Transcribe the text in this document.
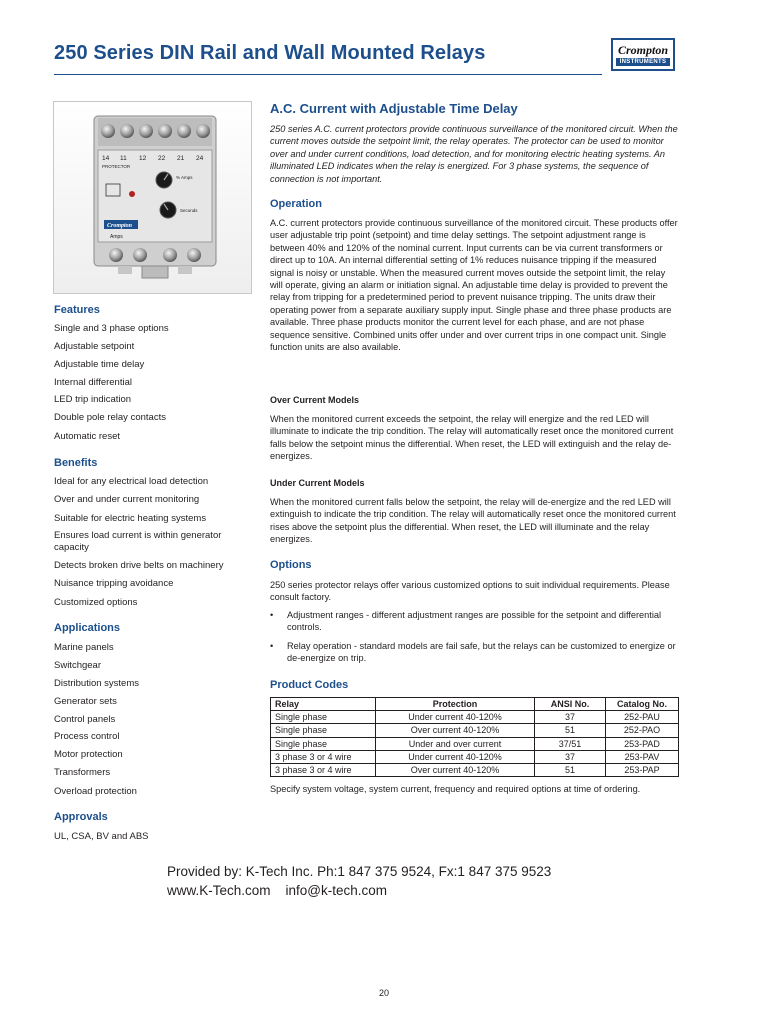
250 Series DIN Rail and Wall Mounted Relays	Crompton
INSTRUMENTS
14 11 12 22 21 24
PROTECTOR
% Amps
Seconds
Crompton
Amps
Features
Single and 3 phase options
Adjustable setpoint
Adjustable time delay
Internal differential
LED trip indication
Double pole relay contacts
Automatic reset
Benefits
Ideal for any electrical load detection
Over and under current monitoring
Suitable for electric heating systems
Ensures load current is within generator capacity
Detects broken drive belts on machinery
Nuisance tripping avoidance
Customized options
Applications
Marine panels
Switchgear
Distribution systems
Generator sets
Control panels
Process control
Motor protection
Transformers
Overload protection
Approvals
UL, CSA, BV and ABS
A.C. Current with Adjustable Time Delay
250 series A.C. current protectors provide continuous surveillance of the monitored circuit. When the current moves outside the setpoint limit, the relay operates. The protector can be used to monitor over and under current conditions, load detection, and for monitoring electric heating systems. An illuminated LED indicates when the relay is energized. For 3 phase systems, the sequence of connection is not important.
Operation
A.C. current protectors provide continuous surveillance of the monitored circuit. These products offer user adjustable trip point (setpoint) and time delay settings. The setpoint adjustment range is between 40% and 120% of the nominal current. Input currents can be via current transformers or direct up to 10A. An internal differential setting of 1% reduces nuisance tripping if the measured signal is noisy or unstable. When the measured current moves outside the setpoint limit, the relay will operate, giving an alarm or initiation signal. An adjustable time delay is provided to prevent the relay from tripping for a predetermined period to prevent nuisance tripping. The units draw their operating power from a separate auxiliary supply input. Single phase and three phase products are available. Three phase products monitor the current level for each phase, and are not phase sequence sensitive. Combined units offer under and over current trips in one compact unit. Single function units are also available.
Over Current Models
When the monitored current exceeds the setpoint, the relay will energize and the red LED will illuminate to indicate the trip condition. The relay will automatically reset once the monitored current falls below the setpoint minus the differential. When reset, the LED will extinguish and the relay de-energizes.
Under Current Models
When the monitored current falls below the setpoint, the relay will de-energize and the red LED will extinguish to indicate the trip condition. The relay will automatically reset once the monitored current rises above the setpoint plus the differential. When reset, the LED will illuminate and the relay energizes.
Options
250 series protector relays offer various customized options to suit individual requirements. Please consult factory.
• Adjustment ranges - different adjustment ranges are possible for the setpoint and differential controls.
• Relay operation - standard models are fail safe, but the relays can be customized to energize or de-energize on trip.
Product Codes
Relay	Protection	ANSI No.	Catalog No.
Single phase	Under current 40-120%	37	252-PAU
Single phase	Over current 40-120%	51	252-PAO
Single phase	Under and over current	37/51	253-PAD
3 phase 3 or 4 wire	Under current 40-120%	37	253-PAV
3 phase 3 or 4 wire	Over current 40-120%	51	253-PAP
Specify system voltage, system current, frequency and required options at time of ordering.
Provided by: K-Tech Inc. Ph:1 847 375 9524, Fx:1 847 375 9523
www.K-Tech.com    info@k-tech.com
20
